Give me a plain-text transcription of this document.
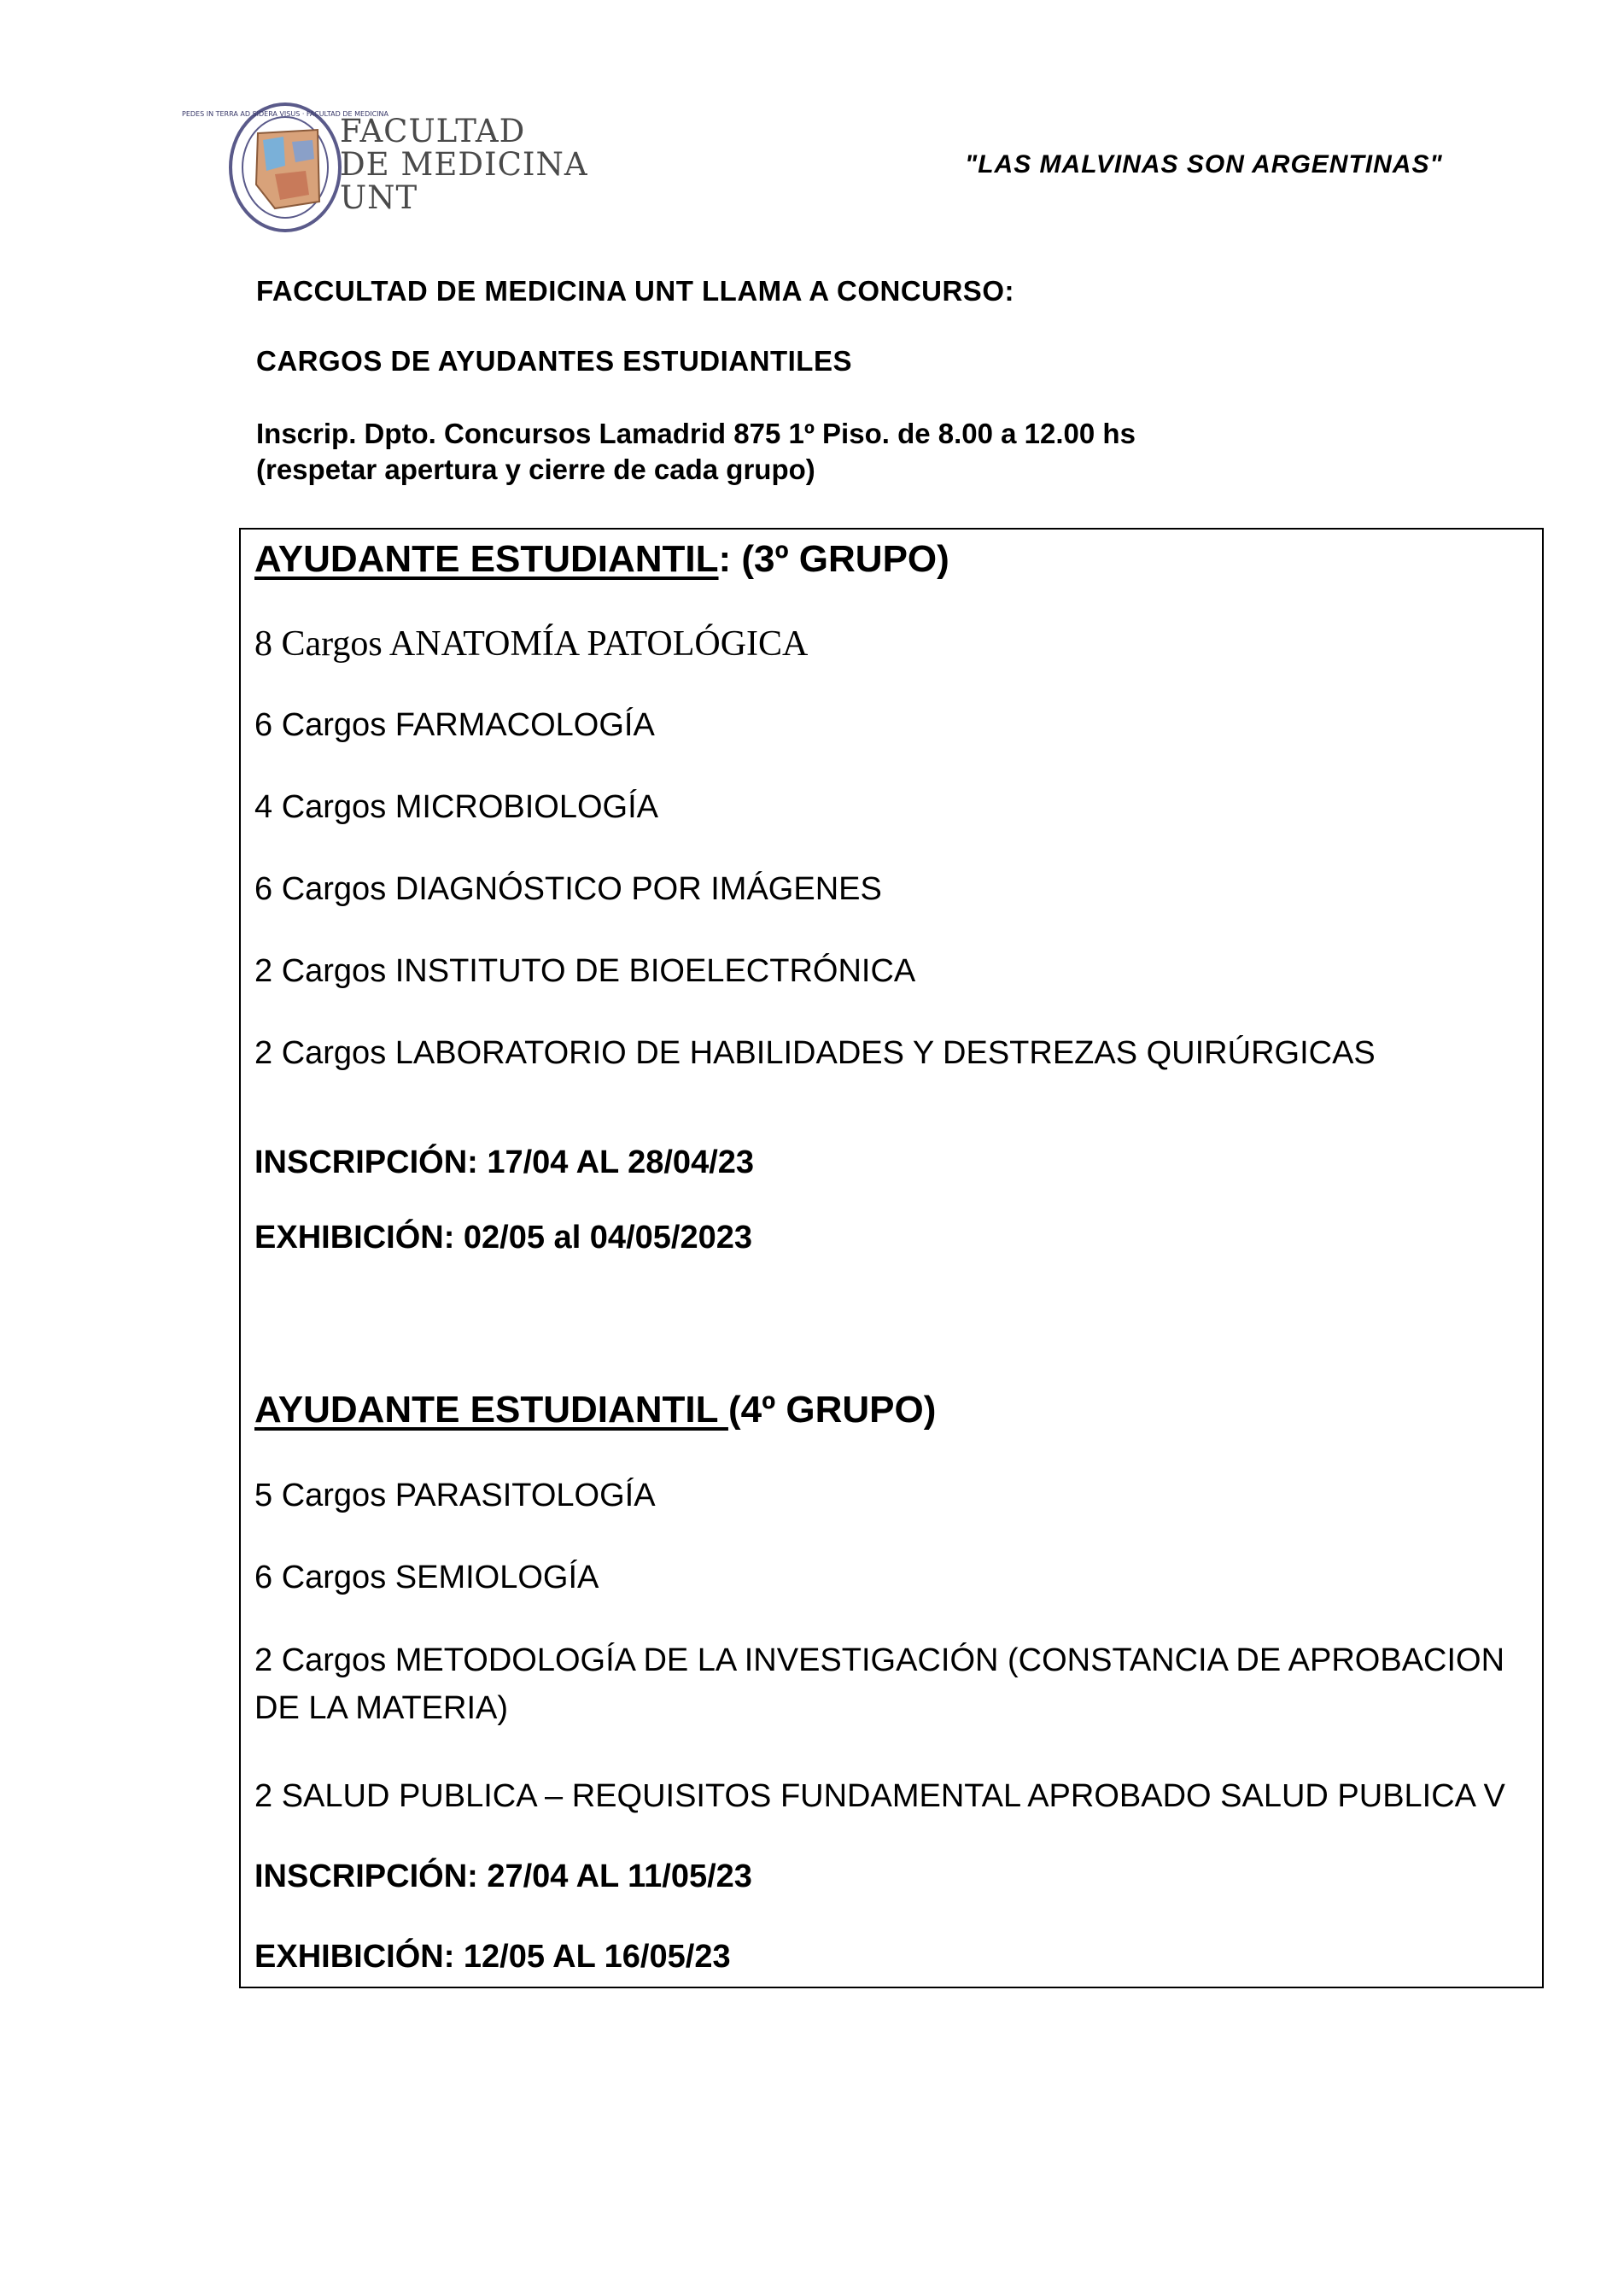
PEDES IN TERRA AD SIDERA VISUS · FACULTAD DE MEDICINA
FACULTAD
DE MEDICINA
UNT
"LAS MALVINAS SON ARGENTINAS"
FACCULTAD DE MEDICINA UNT LLAMA A CONCURSO:
CARGOS DE AYUDANTES ESTUDIANTILES
Inscrip. Dpto. Concursos Lamadrid 875 1º Piso. de 8.00 a 12.00 hs
(respetar apertura y cierre de cada grupo)
AYUDANTE ESTUDIANTIL: (3º GRUPO)
8 Cargos ANATOMÍA PATOLÓGICA
6 Cargos FARMACOLOGÍA
4 Cargos MICROBIOLOGÍA
6 Cargos DIAGNÓSTICO POR IMÁGENES
2 Cargos INSTITUTO DE BIOELECTRÓNICA
2 Cargos LABORATORIO DE HABILIDADES Y DESTREZAS QUIRÚRGICAS
INSCRIPCIÓN: 17/04 AL 28/04/23
EXHIBICIÓN: 02/05 al 04/05/2023
AYUDANTE ESTUDIANTIL (4º GRUPO)
5 Cargos PARASITOLOGÍA
6 Cargos SEMIOLOGÍA
2 Cargos METODOLOGÍA DE LA INVESTIGACIÓN (CONSTANCIA DE APROBACION DE LA MATERIA)
2 SALUD PUBLICA – REQUISITOS FUNDAMENTAL APROBADO SALUD PUBLICA V
INSCRIPCIÓN: 27/04 AL 11/05/23
EXHIBICIÓN: 12/05 AL 16/05/23
